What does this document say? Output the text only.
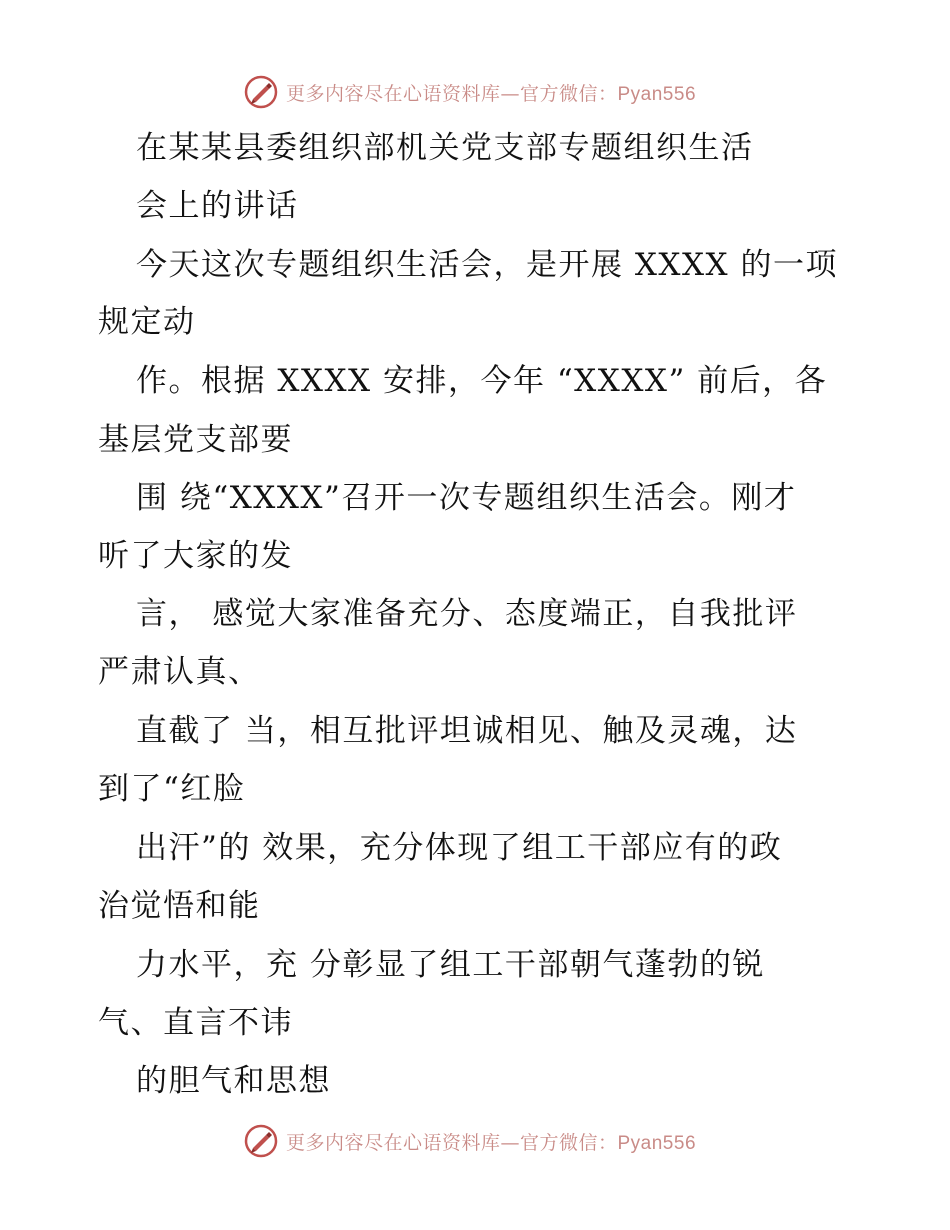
更多内容尽在心语资料库—官方微信：Pyan556
在某某县委组织部机关党支部专题组织生活
会上的讲话
今天这次专题组织生活会，是开展 XXXX 的一项
规定动
作。根据 XXXX 安排，今年 “XXXX” 前后，各
基层党支部要
围 绕“XXXX”召开一次专题组织生活会。刚才
听了大家的发
言， 感觉大家准备充分、态度端正，自我批评
严肃认真、
直截了 当，相互批评坦诚相见、触及灵魂，达
到了“红脸
出汗”的 效果，充分体现了组工干部应有的政
治觉悟和能
力水平，充 分彰显了组工干部朝气蓬勃的锐
气、直言不讳
的胆气和思想
更多内容尽在心语资料库—官方微信：Pyan556
